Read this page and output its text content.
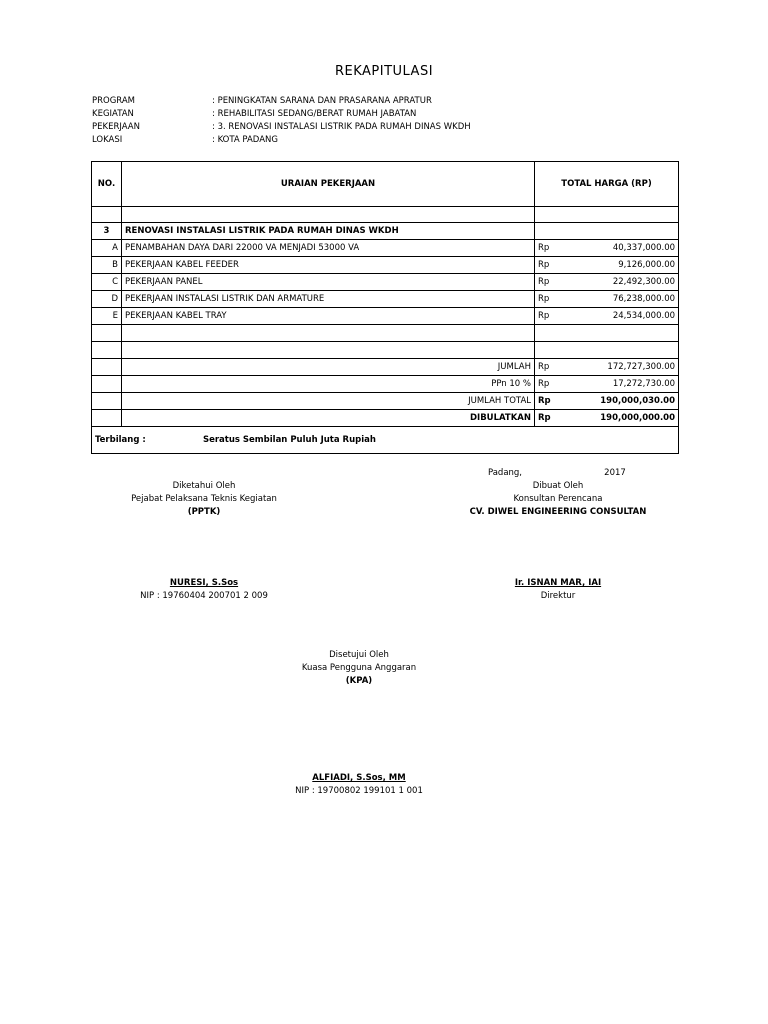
REKAPITULASI
PROGRAM	: PENINGKATAN SARANA DAN PRASARANA APRATUR
KEGIATAN	: REHABILITASI SEDANG/BERAT RUMAH JABATAN
PEKERJAAN	: 3. RENOVASI INSTALASI LISTRIK PADA RUMAH DINAS WKDH
LOKASI	: KOTA PADANG
NO.	URAIAN PEKERJAAN	TOTAL HARGA (RP)	

3	RENOVASI INSTALASI LISTRIK PADA RUMAH DINAS WKDH		
A	PENAMBAHAN DAYA DARI 22000 VA MENJADI 53000 VA	Rp	40,337,000.00
B	PEKERJAAN KABEL FEEDER	Rp	9,126,000.00
C	PEKERJAAN PANEL	Rp	22,492,300.00
D	PEKERJAAN INSTALASI LISTRIK DAN ARMATURE	Rp	76,238,000.00
E	PEKERJAAN KABEL TRAY	Rp	24,534,000.00

	JUMLAH	Rp	172,727,300.00
	PPn 10 %	Rp	17,272,730.00
	JUMLAH TOTAL	Rp	190,000,030.00
	DIBULATKAN	Rp	190,000,000.00
Terbilang : Seratus Sembilan Puluh Juta Rupiah			
Padang,	2017
Diketahui Oleh
Pejabat Pelaksana Teknis Kegiatan
(PPTK)
NURESI, S.Sos
NIP : 19760404 200701 2 009
Dibuat Oleh
Konsultan Perencana
CV. DIWEL ENGINEERING CONSULTAN
Ir. ISNAN MAR, IAI
Direktur
Disetujui Oleh
Kuasa Pengguna Anggaran
(KPA)
ALFIADI, S.Sos, MM
NIP : 19700802 199101 1 001
